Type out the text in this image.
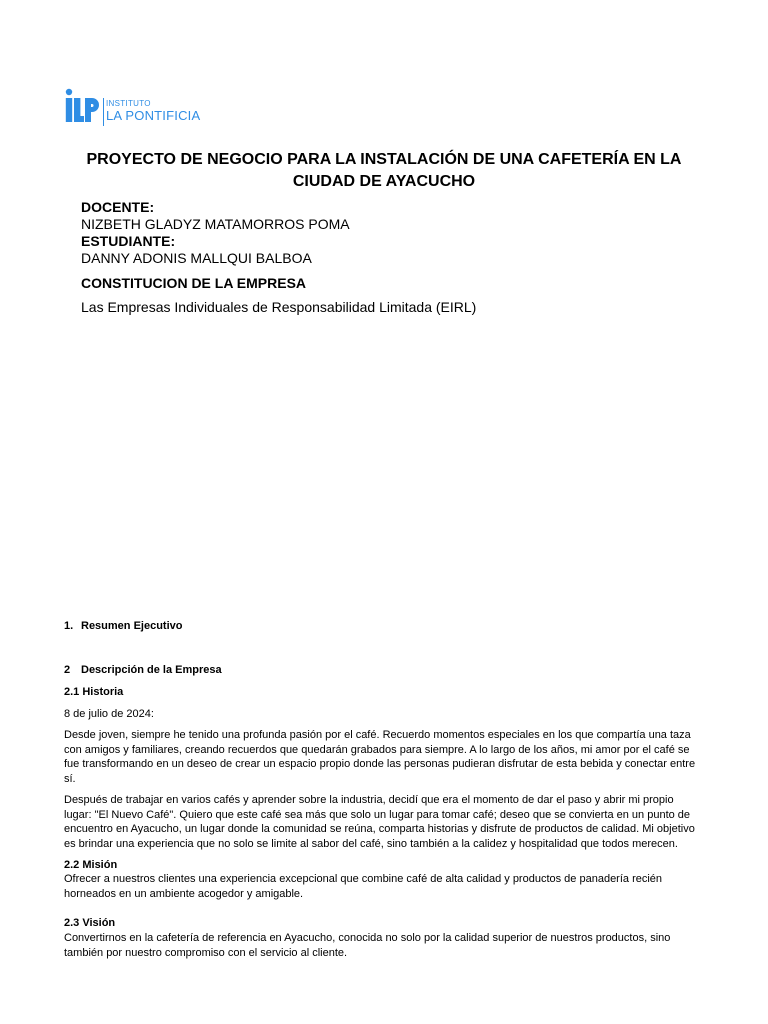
INSTITUTO
LA PONTIFICIA
PROYECTO DE NEGOCIO PARA LA INSTALACIÓN DE UNA CAFETERÍA EN LA CIUDAD DE AYACUCHO
DOCENTE:
NIZBETH GLADYZ MATAMORROS POMA
ESTUDIANTE:
DANNY ADONIS MALLQUI BALBOA
CONSTITUCION DE LA EMPRESA
Las Empresas Individuales de Responsabilidad Limitada (EIRL)
1. Resumen Ejecutivo
2 Descripción de la Empresa
2.1 Historia
8 de julio de 2024:
Desde joven, siempre he tenido una profunda pasión por el café. Recuerdo momentos especiales en los que compartía una taza con amigos y familiares, creando recuerdos que quedarán grabados para siempre. A lo largo de los años, mi amor por el café se fue transformando en un deseo de crear un espacio propio donde las personas pudieran disfrutar de esta bebida y conectar entre sí.
Después de trabajar en varios cafés y aprender sobre la industria, decidí que era el momento de dar el paso y abrir mi propio lugar: "El Nuevo Café". Quiero que este café sea más que solo un lugar para tomar café; deseo que se convierta en un punto de encuentro en Ayacucho, un lugar donde la comunidad se reúna, comparta historias y disfrute de productos de calidad. Mi objetivo es brindar una experiencia que no solo se limite al sabor del café, sino también a la calidez y hospitalidad que todos merecen.
2.2 Misión
Ofrecer a nuestros clientes una experiencia excepcional que combine café de alta calidad y productos de panadería recién horneados en un ambiente acogedor y amigable.
2.3 Visión
Convertirnos en la cafetería de referencia en Ayacucho, conocida no solo por la calidad superior de nuestros productos, sino también por nuestro compromiso con el servicio al cliente.
